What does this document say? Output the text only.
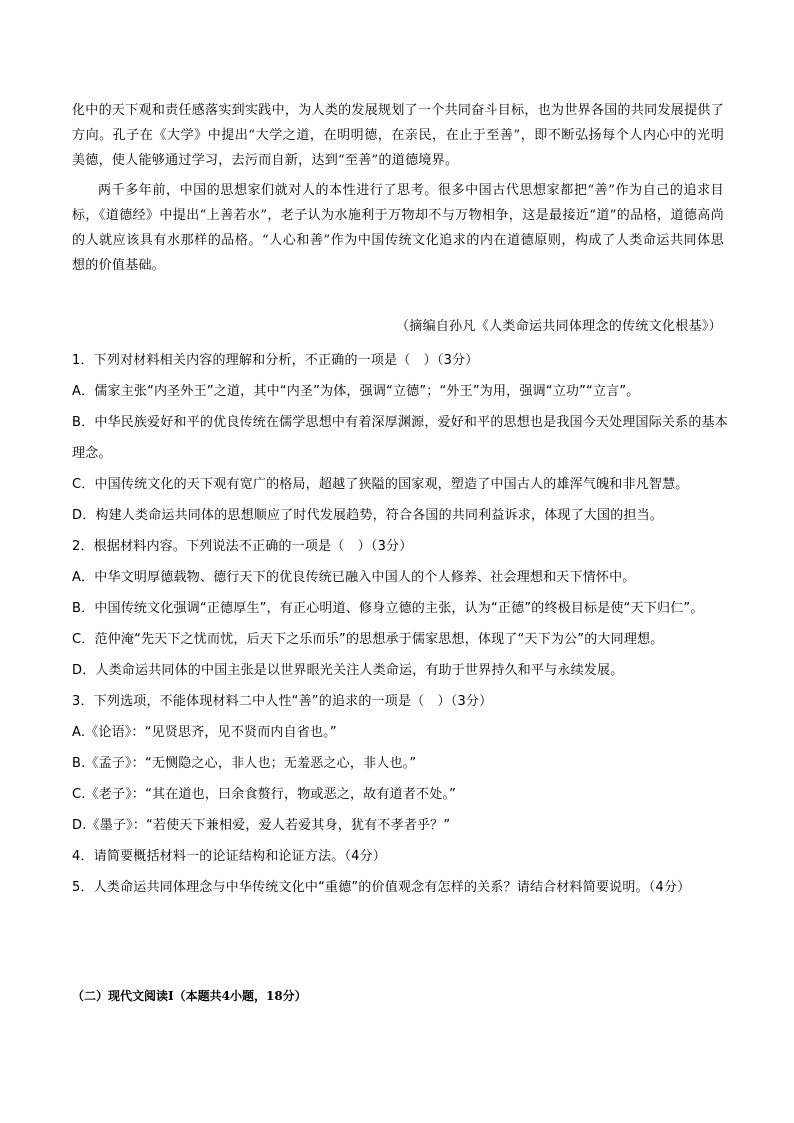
化中的天下观和责任感落实到实践中，为人类的发展规划了一个共同奋斗目标，也为世界各国的共同发展提供了方向。孔子在《大学》中提出“大学之道，在明明德，在亲民，在止于至善”，即不断弘扬每个人内心中的光明美德，使人能够通过学习，去污而自新，达到“至善”的道德境界。

两千多年前，中国的思想家们就对人的本性进行了思考。很多中国古代思想家都把“善”作为自己的追求目标，《道德经》中提出“上善若水”，老子认为水施利于万物却不与万物相争，这是最接近“道”的品格，道德高尚的人就应该具有水那样的品格。“人心和善”作为中国传统文化追求的内在道德原则，构成了人类命运共同体思想的价值基础。

（摘编自孙凡《人类命运共同体理念的传统文化根基》）

1．下列对材料相关内容的理解和分析，不正确的一项是（　）（3分）

A．儒家主张“内圣外王”之道，其中“内圣”为体，强调“立德”；“外王”为用，强调“立功”“立言”。

B．中华民族爱好和平的优良传统在儒学思想中有着深厚渊源，爱好和平的思想也是我国今天处理国际关系的基本理念。

C．中国传统文化的天下观有宽广的格局，超越了狭隘的国家观，塑造了中国古人的雄浑气魄和非凡智慧。

D．构建人类命运共同体的思想顺应了时代发展趋势，符合各国的共同利益诉求，体现了大国的担当。

2．根据材料内容。下列说法不正确的一项是（　）（3分）

A．中华文明厚德载物、德行天下的优良传统已融入中国人的个人修养、社会理想和天下情怀中。

B．中国传统文化强调“正德厚生”，有正心明道、修身立德的主张，认为“正德”的终极目标是使“天下归仁”。

C．范仲淹“先天下之忧而忧，后天下之乐而乐”的思想承于儒家思想，体现了“天下为公”的大同理想。

D．人类命运共同体的中国主张是以世界眼光关注人类命运，有助于世界持久和平与永续发展。

3．下列选项，不能体现材料二中人性“善”的追求的一项是（　）（3分）

A.《论语》：“见贤思齐，见不贤而内自省也。”

B.《孟子》：“无恻隐之心，非人也；无羞恶之心，非人也。”

C.《老子》：“其在道也，曰余食赘行，物或恶之，故有道者不处。”

D.《墨子》：“若使天下兼相爱，爱人若爱其身，犹有不孝者乎？”

4．请简要概括材料一的论证结构和论证方法。（4分）

5．人类命运共同体理念与中华传统文化中“重德”的价值观念有怎样的关系？请结合材料简要说明。（4分）

（二）现代文阅读Ⅰ（本题共4小题，18分）
